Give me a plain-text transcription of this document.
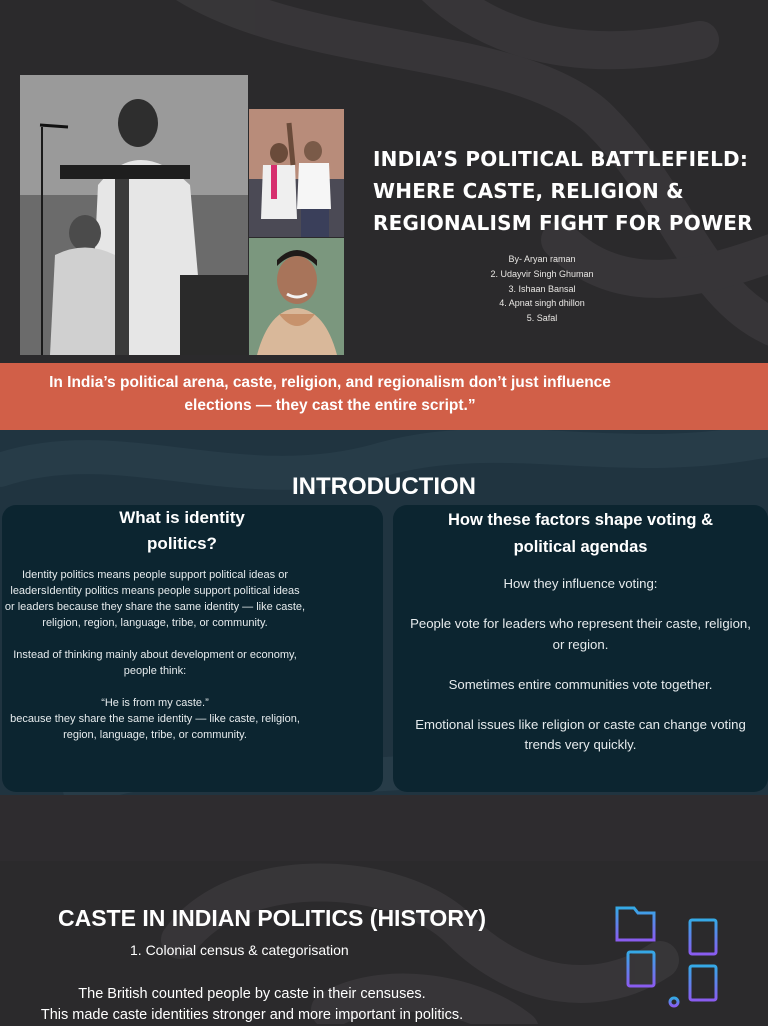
INDIA’S POLITICAL BATTLEFIELD:
WHERE CASTE, RELIGION &
REGIONALISM FIGHT FOR POWER
By- Aryan raman
2. Udayvir Singh Ghuman
3. Ishaan Bansal
4. Apnat singh dhillon
5. Safal
In India’s political arena, caste, religion, and regionalism don’t just influence
elections — they cast the entire script.”
INTRODUCTION
What is identity
politics?

Identity politics means people support political ideas or leadersIdentity politics means people support political ideas or leaders because they share the same identity — like caste, religion, region, language, tribe, or community.

Instead of thinking mainly about development or economy, people think:

“He is from my caste.”
because they share the same identity — like caste, religion, region, language, tribe, or community.

How these factors shape voting &
political agendas

How they influence voting:

People vote for leaders who represent their caste, religion, or region.

Sometimes entire communities vote together.

Emotional issues like religion or caste can change voting trends very quickly.

CASTE IN INDIAN POLITICS (HISTORY)
1. Colonial census & categorisation
The British counted people by caste in their censuses.
This made caste identities stronger and more important in politics.
